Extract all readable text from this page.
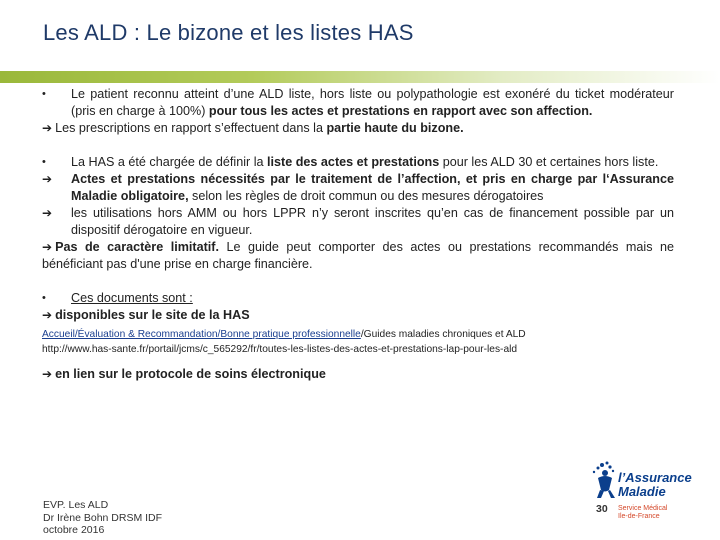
Les ALD : Le bizone et les listes HAS
• Le patient reconnu atteint d’une ALD liste, hors liste ou polypathologie est exonéré du ticket modérateur (pris en charge à 100%) pour tous les actes et prestations en rapport avec son affection.
➔ Les prescriptions en rapport s’effectuent dans la partie haute du bizone.
• La HAS a été chargée de définir la liste des actes et prestations pour les ALD 30 et certaines hors liste.
➔ Actes et prestations nécessités par le traitement de l’affection, et pris en charge par l‘Assurance Maladie obligatoire, selon les règles de droit commun ou des mesures dérogatoires
➔ les utilisations hors AMM ou hors LPPR n’y seront inscrites qu’en cas de financement possible par un dispositif dérogatoire en vigueur.
➔ Pas de caractère limitatif. Le guide peut comporter des actes ou prestations recommandés mais ne bénéficiant pas d'une prise en charge financière.
• Ces documents sont :
➔ disponibles sur le site de la HAS
Accueil/Évaluation & Recommandation/Bonne pratique professionnelle/Guides maladies chroniques et ALD
http://www.has-sante.fr/portail/jcms/c_565292/fr/toutes-les-listes-des-actes-et-prestations-lap-pour-les-ald
➔ en lien sur le protocole de soins électronique
EVP. Les ALD
Dr Irène Bohn DRSM IDF
octobre 2016
30
l’Assurance
Maladie
Service Médical
Ile-de-France
